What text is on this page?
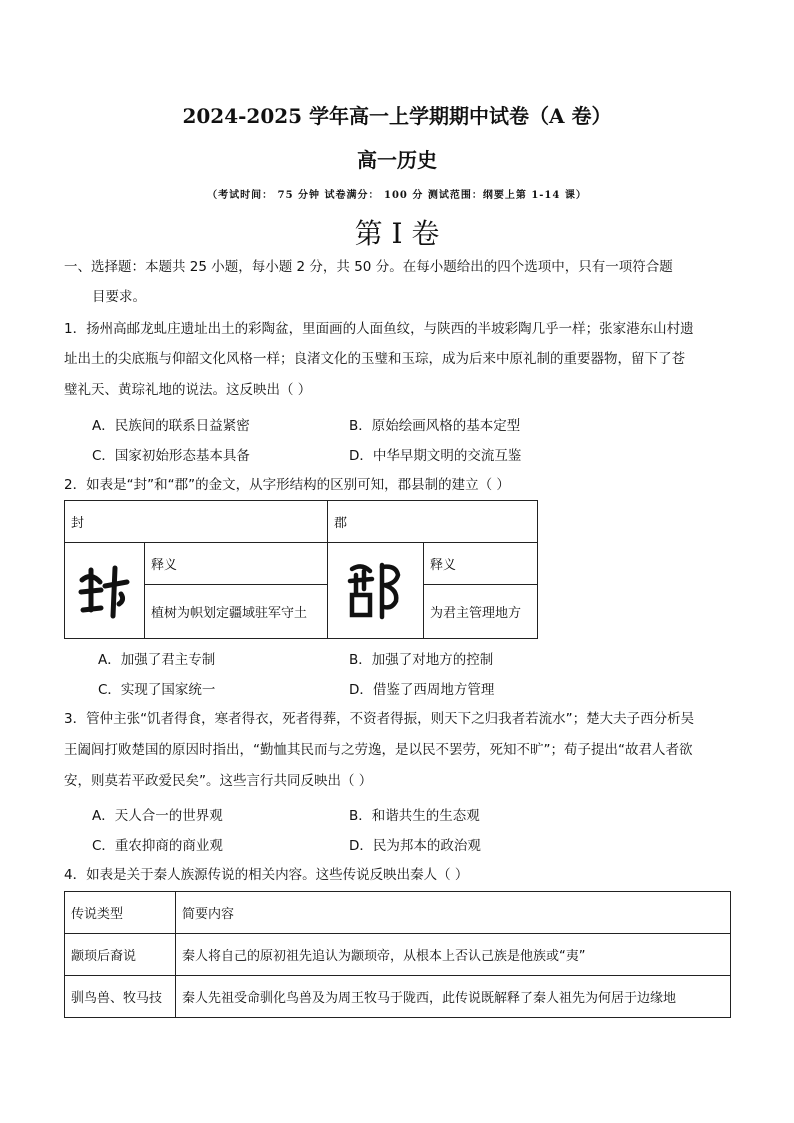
2024-2025 学年高一上学期期中试卷（A 卷）
高一历史
（考试时间： 75 分钟 试卷满分： 100 分 测试范围：纲要上第 1-14 课）
第 I 卷
一、选择题：本题共 25 小题，每小题 2 分，共 50 分。在每小题给出的四个选项中，只有一项符合题
目要求。
1．扬州高邮龙虬庄遗址出土的彩陶盆，里面画的人面鱼纹，与陕西的半坡彩陶几乎一样；张家港东山村遗
址出土的尖底瓶与仰韶文化风格一样；良渚文化的玉璧和玉琮，成为后来中原礼制的重要器物，留下了苍
璧礼天、黄琮礼地的说法。这反映出（ ）
A．民族间的联系日益紧密	B．原始绘画风格的基本定型
C．国家初始形态基本具备	D．中华早期文明的交流互鉴
2．如表是“封”和“郡”的金文，从字形结构的区别可知，郡县制的建立（ ）
封		郡	

	释义		释义
	植树为帜划定疆域驻军守土		为君主管理地方
A．加强了君主专制	B．加强了对地方的控制
C．实现了国家统一	D．借鉴了西周地方管理
3．管仲主张“饥者得食，寒者得衣，死者得葬，不资者得振，则天下之归我者若流水”；楚大夫子西分析吴
王阖闾打败楚国的原因时指出，“勤恤其民而与之劳逸，是以民不罢劳，死知不旷”；荀子提出“故君人者欲
安，则莫若平政爱民矣”。这些言行共同反映出（ ）
A．天人合一的世界观	B．和谐共生的生态观
C．重农抑商的商业观	D．民为邦本的政治观
4．如表是关于秦人族源传说的相关内容。这些传说反映出秦人（ ）
传说类型	简要内容
颛顼后裔说	秦人将自己的原初祖先追认为颛顼帝，从根本上否认己族是他族或“夷”
驯鸟兽、牧马技	秦人先祖受命驯化鸟兽及为周王牧马于陇西，此传说既解释了秦人祖先为何居于边缘地
